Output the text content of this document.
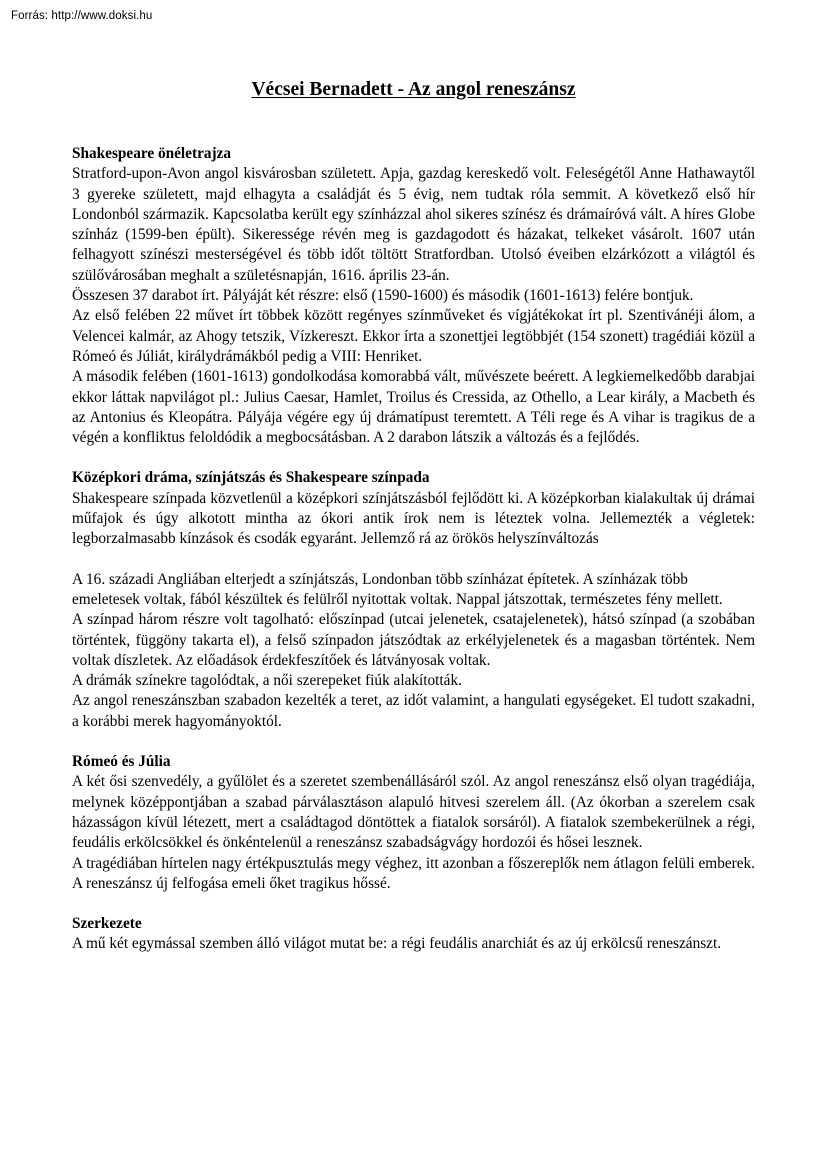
Forrás: http://www.doksi.hu
Vécsei Bernadett - Az angol reneszánsz
Shakespeare önéletrajza

Stratford-upon-Avon angol kisvárosban született. Apja, gazdag kereskedő volt. Feleségétől Anne Hathawaytől 3 gyereke született, majd elhagyta a családját és 5 évig, nem tudtak róla semmit. A következő első hír Londonból származik. Kapcsolatba került egy színházzal ahol sikeres színész és drámaíróvá vált. A híres Globe színház (1599-ben épült). Sikeressége révén meg is gazdagodott és házakat, telkeket vásárolt. 1607 után felhagyott színészi mesterségével és több időt töltött Stratfordban. Utolsó éveiben elzárkózott a világtól és szülővárosában meghalt a születésnapján, 1616. április 23-án.

Összesen 37 darabot írt. Pályáját két részre: első (1590-1600) és második (1601-1613) felére bontjuk.

Az első felében 22 művet írt többek között regényes színműveket és vígjátékokat írt pl. Szentivánéji álom, a Velencei kalmár, az Ahogy tetszik, Vízkereszt. Ekkor írta a szonettjei legtöbbjét (154 szonett) tragédiái közül a Rómeó és Júliát, királydrámákból pedig a VIII: Henriket.

A második felében (1601-1613) gondolkodása komorabbá vált, művészete beérett. A legkiemelkedőbb darabjai ekkor láttak napvilágot pl.: Julius Caesar, Hamlet, Troilus és Cressida, az Othello, a Lear király, a Macbeth és az Antonius és Kleopátra. Pályája végére egy új drámatípust teremtett. A Téli rege és A vihar is tragikus de a végén a konfliktus feloldódik a megbocsátásban. A 2 darabon látszik a változás és a fejlődés.

Középkori dráma, színjátszás és Shakespeare színpada

Shakespeare színpada közvetlenül a középkori színjátszásból fejlődött ki. A középkorban kialakultak új drámai műfajok és úgy alkotott mintha az ókori antik írok nem is léteztek volna. Jellemezték a végletek: legborzalmasabb kínzások és csodák egyaránt. Jellemző rá az örökös helyszínváltozás

A 16. századi Angliában elterjedt a színjátszás, Londonban több színházat építetek. A színházak több emeletesek voltak, fából készültek és felülről nyitottak voltak. Nappal játszottak, természetes fény mellett.

A színpad három részre volt tagolható: előszínpad (utcai jelenetek, csatajelenetek), hátsó színpad (a szobában történtek, függöny takarta el), a felső színpadon játszódtak az erkélyjelenetek és a magasban történtek. Nem voltak díszletek. Az előadások érdekfeszítőek és látványosak voltak.

A drámák színekre tagolódtak, a női szerepeket fiúk alakították.

Az angol reneszánszban szabadon kezelték a teret, az időt valamint, a hangulati egységeket. El tudott szakadni, a korábbi merek hagyományoktól.

Rómeó és Júlia

A két ősi szenvedély, a gyűlölet és a szeretet szembenállásáról szól. Az angol reneszánsz első olyan tragédiája, melynek középpontjában a szabad párválasztáson alapuló hitvesi szerelem áll. (Az ókorban a szerelem csak házasságon kívül létezett, mert a családtagod döntöttek a fiatalok sorsáról). A fiatalok szembekerülnek a régi, feudális erkölcsökkel és önkéntelenül a reneszánsz szabadságvágy hordozói és hősei lesznek.

A tragédiában hírtelen nagy értékpusztulás megy véghez, itt azonban a főszereplők nem átlagon felüli emberek. A reneszánsz új felfogása emeli őket tragikus hőssé.

Szerkezete

A mű két egymással szemben álló világot mutat be: a régi feudális anarchiát és az új erkölcsű reneszánszt.
